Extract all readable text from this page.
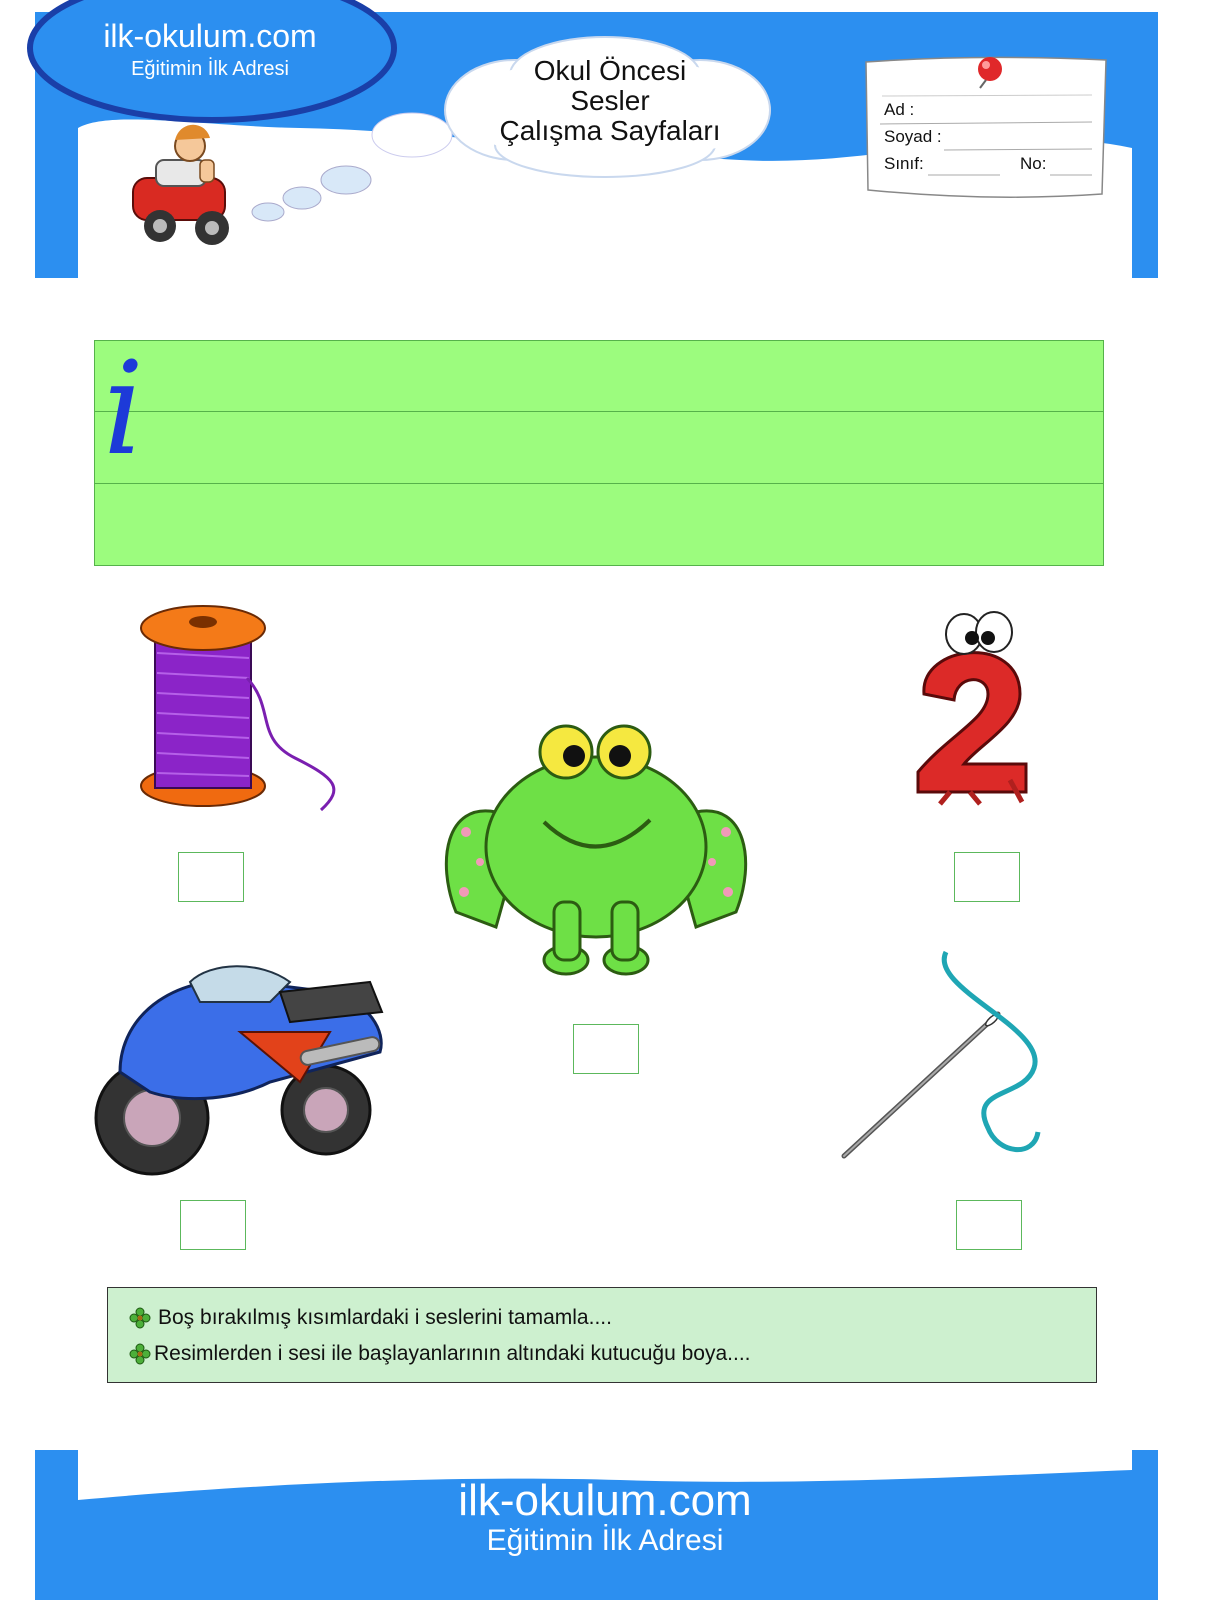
ilk-okulum.com
Eğitimin İlk Adresi	Okul Öncesi
Sesler
Çalışma Sayfaları
Ad :
Soyad :
Sınıf:	No:
i
Boş bırakılmış kısımlardaki i seslerini tamamla....
Resimlerden i sesi ile başlayanlarının altındaki kutucuğu boya....
ilk-okulum.com
Eğitimin İlk Adresi
